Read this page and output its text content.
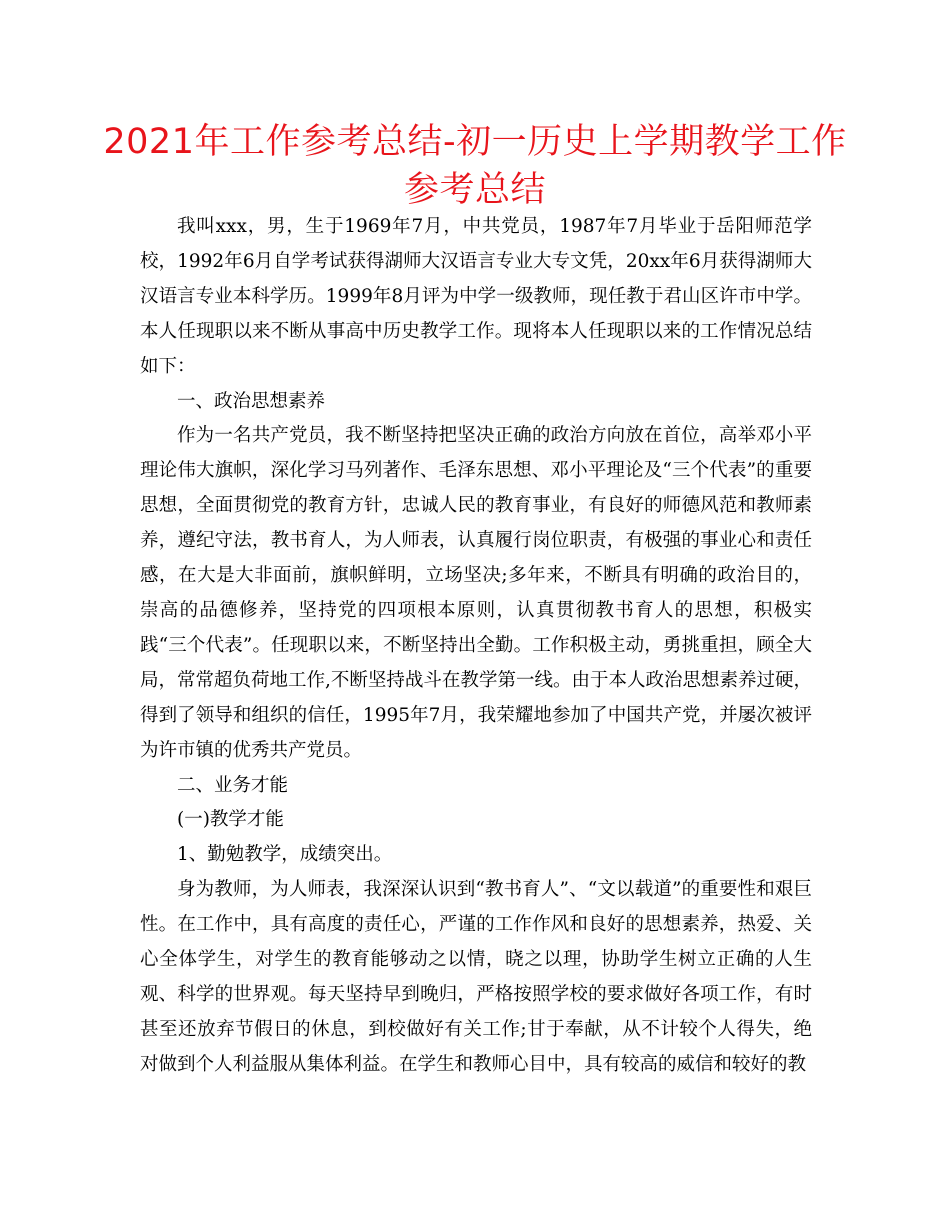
2021年工作参考总结-初一历史上学期教学工作
参考总结

我叫xxx，男，生于1969年7月，中共党员，1987年7月毕业于岳阳师范学校，1992年6月自学考试获得湖师大汉语言专业大专文凭，20xx年6月获得湖师大汉语言专业本科学历。1999年8月评为中学一级教师，现任教于君山区许市中学。本人任现职以来不断从事高中历史教学工作。现将本人任现职以来的工作情况总结如下：

一、政治思想素养

作为一名共产党员，我不断坚持把坚决正确的政治方向放在首位，高举邓小平理论伟大旗帜，深化学习马列著作、毛泽东思想、邓小平理论及“三个代表”的重要思想，全面贯彻党的教育方针，忠诚人民的教育事业，有良好的师德风范和教师素养，遵纪守法，教书育人，为人师表，认真履行岗位职责，有极强的事业心和责任感，在大是大非面前，旗帜鲜明，立场坚决;多年来，不断具有明确的政治目的，崇高的品德修养，坚持党的四项根本原则，认真贯彻教书育人的思想，积极实践“三个代表”。任现职以来，不断坚持出全勤。工作积极主动，勇挑重担，顾全大局，常常超负荷地工作,不断坚持战斗在教学第一线。由于本人政治思想素养过硬，得到了领导和组织的信任，1995年7月，我荣耀地参加了中国共产党，并屡次被评为许市镇的优秀共产党员。

二、业务才能

(一)教学才能

1、勤勉教学，成绩突出。

身为教师，为人师表，我深深认识到“教书育人”、“文以载道”的重要性和艰巨性。在工作中，具有高度的责任心，严谨的工作作风和良好的思想素养，热爱、关心全体学生，对学生的教育能够动之以情，晓之以理，协助学生树立正确的人生观、科学的世界观。每天坚持早到晚归，严格按照学校的要求做好各项工作，有时甚至还放弃节假日的休息，到校做好有关工作;甘于奉献，从不计较个人得失，绝对做到个人利益服从集体利益。在学生和教师心目中，具有较高的威信和较好的教
